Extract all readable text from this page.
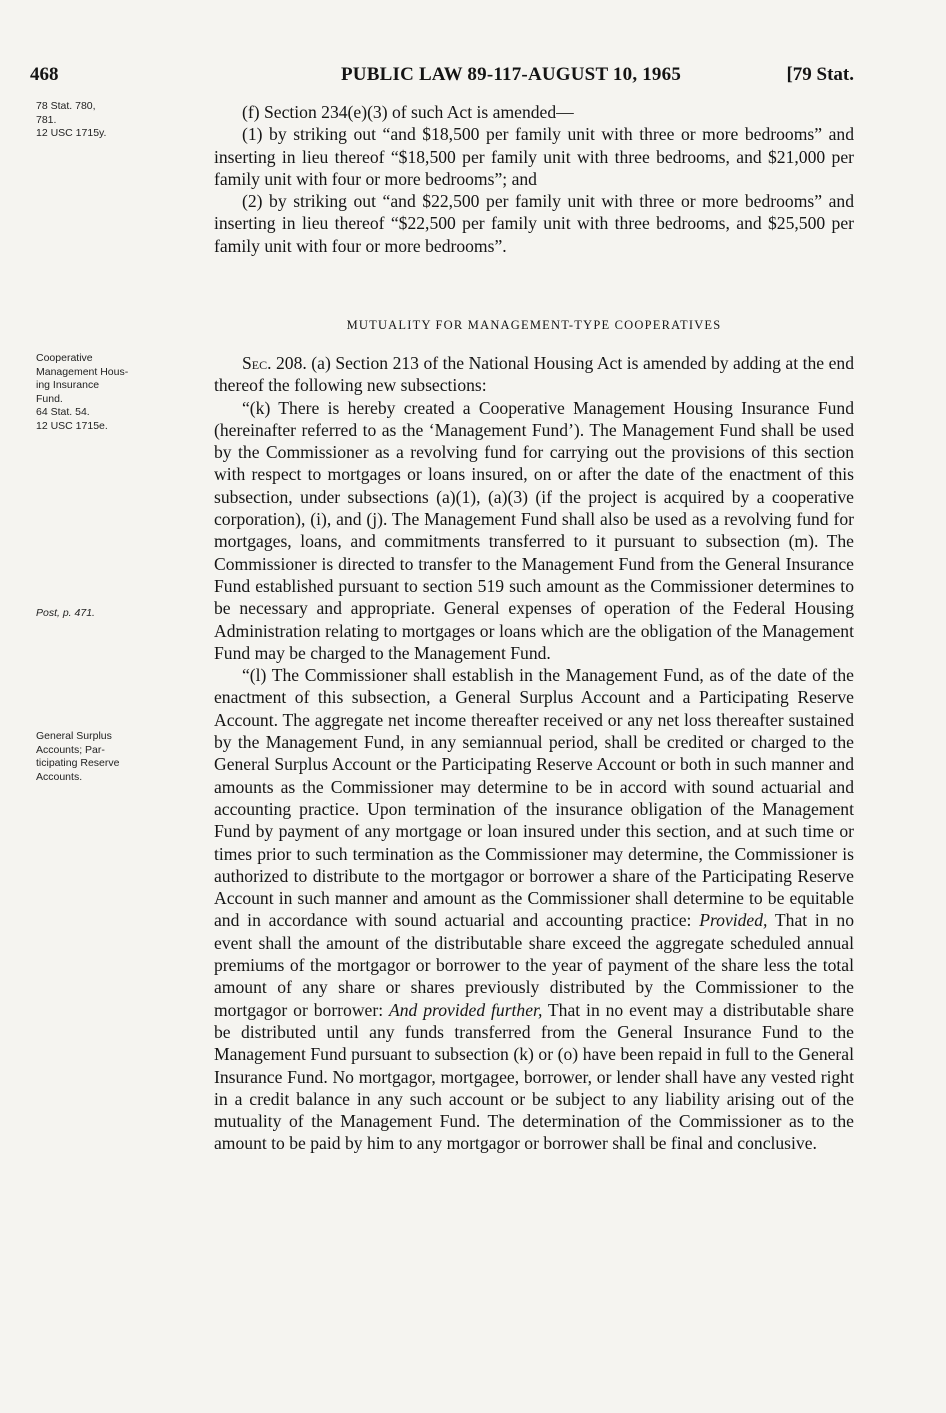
468	PUBLIC LAW 89-117-AUGUST 10, 1965	[79 Stat.
78 Stat. 780,
781.
12 USC 1715y.
Cooperative
Management Hous-
ing Insurance
Fund.
64 Stat. 54.
12 USC 1715e.
Post, p. 471.
General Surplus
Accounts; Par-
ticipating Reserve
Accounts.

(f) Section 234(e)(3) of such Act is amended—

(1) by striking out “and $18,500 per family unit with three or more bedrooms” and inserting in lieu thereof “$18,500 per family unit with three bedrooms, and $21,000 per family unit with four or more bedrooms”; and

(2) by striking out “and $22,500 per family unit with three or more bedrooms” and inserting in lieu thereof “$22,500 per family unit with three bedrooms, and $25,500 per family unit with four or more bedrooms”.

MUTUALITY FOR MANAGEMENT-TYPE COOPERATIVES

Sec. 208. (a) Section 213 of the National Housing Act is amended by adding at the end thereof the following new subsections:

“(k) There is hereby created a Cooperative Management Housing Insurance Fund (hereinafter referred to as the ‘Management Fund’). The Management Fund shall be used by the Commissioner as a revolving fund for carrying out the provisions of this section with respect to mortgages or loans insured, on or after the date of the enactment of this subsection, under subsections (a)(1), (a)(3) (if the project is acquired by a cooperative corporation), (i), and (j). The Management Fund shall also be used as a revolving fund for mortgages, loans, and commitments transferred to it pursuant to subsection (m). The Commissioner is directed to transfer to the Management Fund from the General Insurance Fund established pursuant to section 519 such amount as the Commissioner determines to be necessary and appropriate. General expenses of operation of the Federal Housing Administration relating to mortgages or loans which are the obligation of the Management Fund may be charged to the Management Fund.

“(l) The Commissioner shall establish in the Management Fund, as of the date of the enactment of this subsection, a General Surplus Account and a Participating Reserve Account. The aggregate net income thereafter received or any net loss thereafter sustained by the Management Fund, in any semiannual period, shall be credited or charged to the General Surplus Account or the Participating Reserve Account or both in such manner and amounts as the Commissioner may determine to be in accord with sound actuarial and accounting practice. Upon termination of the insurance obligation of the Management Fund by payment of any mortgage or loan insured under this section, and at such time or times prior to such termination as the Commissioner may determine, the Commissioner is authorized to distribute to the mortgagor or borrower a share of the Participating Reserve Account in such manner and amount as the Commissioner shall determine to be equitable and in accordance with sound actuarial and accounting practice: Provided, That in no event shall the amount of the distributable share exceed the aggregate scheduled annual premiums of the mortgagor or borrower to the year of payment of the share less the total amount of any share or shares previously distributed by the Commissioner to the mortgagor or borrower: And provided further, That in no event may a distributable share be distributed until any funds transferred from the General Insurance Fund to the Management Fund pursuant to subsection (k) or (o) have been repaid in full to the General Insurance Fund. No mortgagor, mortgagee, borrower, or lender shall have any vested right in a credit balance in any such account or be subject to any liability arising out of the mutuality of the Management Fund. The determination of the Commissioner as to the amount to be paid by him to any mortgagor or borrower shall be final and conclusive.
